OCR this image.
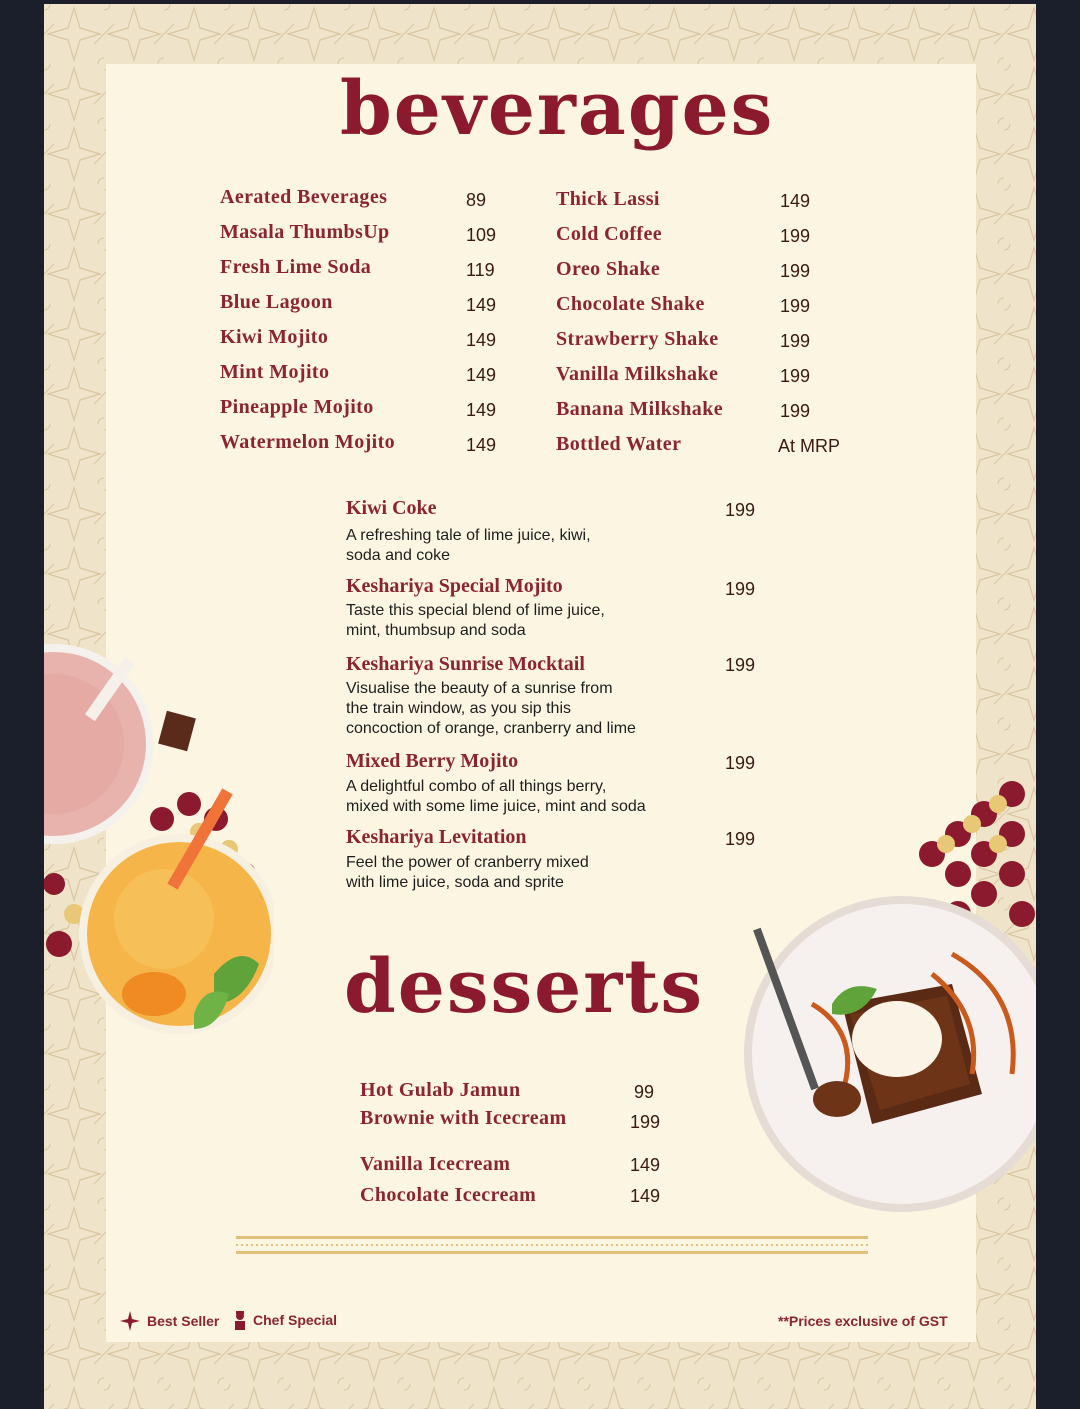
beverages
desserts
Aerated Beverages	89
Masala ThumbsUp	109
Fresh Lime Soda	119
Blue Lagoon	149
Kiwi Mojito	149
Mint Mojito	149
Pineapple Mojito	149
Watermelon Mojito	149
Thick Lassi	149
Cold Coffee	199
Oreo Shake	199
Chocolate Shake	199
Strawberry Shake	199
Vanilla Milkshake	199
Banana Milkshake	199
Bottled Water	At MRP
Kiwi Coke	199
A refreshing tale of lime juice, kiwi,
soda and coke
Keshariya Special Mojito	199
Taste this special blend of lime juice,
mint, thumbsup and soda
Keshariya Sunrise Mocktail	199
Visualise the beauty of a sunrise from
the train window, as you sip this
concoction of orange, cranberry and lime
Mixed Berry Mojito	199
A delightful combo of all things berry,
mixed with some lime juice, mint and soda
Keshariya Levitation	199
Feel the power of cranberry mixed
with lime juice, soda and sprite
Hot Gulab Jamun	99
Brownie with Icecream	199
Vanilla Icecream	149
Chocolate Icecream	149
Best Seller Chef Special	**Prices exclusive of GST
